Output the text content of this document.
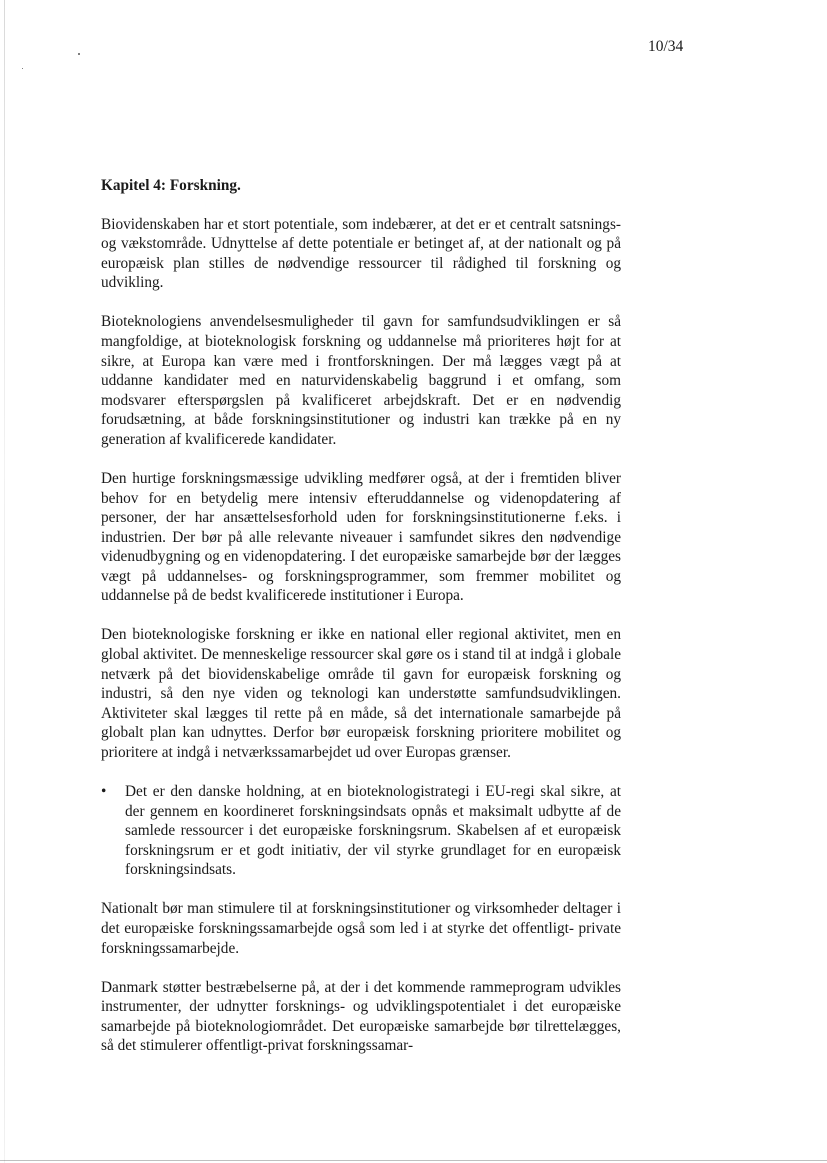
10/34
Kapitel 4: Forskning.

Biovidenskaben har et stort potentiale, som indebærer, at det er et centralt satsnings- og vækstområde. Udnyttelse af dette potentiale er betinget af, at der nationalt og på europæisk plan stilles de nødvendige ressourcer til rådighed til forskning og udvikling.

Bioteknologiens anvendelsesmuligheder til gavn for samfundsudviklingen er så mangfoldige, at bioteknologisk forskning og uddannelse må prioriteres højt for at sikre, at Europa kan være med i frontforskningen. Der må lægges vægt på at uddanne kandidater med en naturvidenskabelig baggrund i et omfang, som modsvarer efterspørgslen på kvalificeret arbejdskraft. Det er en nødvendig forudsætning, at både forskningsinstitutioner og industri kan trække på en ny generation af kvalificerede kandidater.

Den hurtige forskningsmæssige udvikling medfører også, at der i fremtiden bliver behov for en betydelig mere intensiv efteruddannelse og videnopdatering af personer, der har ansættelsesforhold uden for forskningsinstitutionerne f.eks. i industrien. Der bør på alle relevante niveauer i samfundet sikres den nødvendige videnudbygning og en videnopdatering. I det europæiske samarbejde bør der lægges vægt på uddannelses- og forskningsprogrammer, som fremmer mobilitet og uddannelse på de bedst kvalificerede institutioner i Europa.

Den bioteknologiske forskning er ikke en national eller regional aktivitet, men en global aktivitet. De menneskelige ressourcer skal gøre os i stand til at indgå i globale netværk på det biovidenskabelige område til gavn for europæisk forskning og industri, så den nye viden og teknologi kan understøtte samfundsudviklingen. Aktiviteter skal lægges til rette på en måde, så det internationale samarbejde på globalt plan kan udnyttes. Derfor bør europæisk forskning prioritere mobilitet og prioritere at indgå i netværkssamarbejdet ud over Europas grænser.

• Det er den danske holdning, at en bioteknologistrategi i EU-regi skal sikre, at der gennem en koordineret forskningsindsats opnås et maksimalt udbytte af de samlede ressourcer i det europæiske forskningsrum. Skabelsen af et europæisk forskningsrum er et godt initiativ, der vil styrke grundlaget for en europæisk forskningsindsats.

Nationalt bør man stimulere til at forskningsinstitutioner og virksomheder deltager i det europæiske forskningssamarbejde også som led i at styrke det offentligt- private forskningssamarbejde.

Danmark støtter bestræbelserne på, at der i det kommende rammeprogram udvikles instrumenter, der udnytter forsknings- og udviklingspotentialet i det europæiske samarbejde på bioteknologiområdet. Det europæiske samarbejde bør tilrettelægges, så det stimulerer offentligt-privat forskningssamar-
